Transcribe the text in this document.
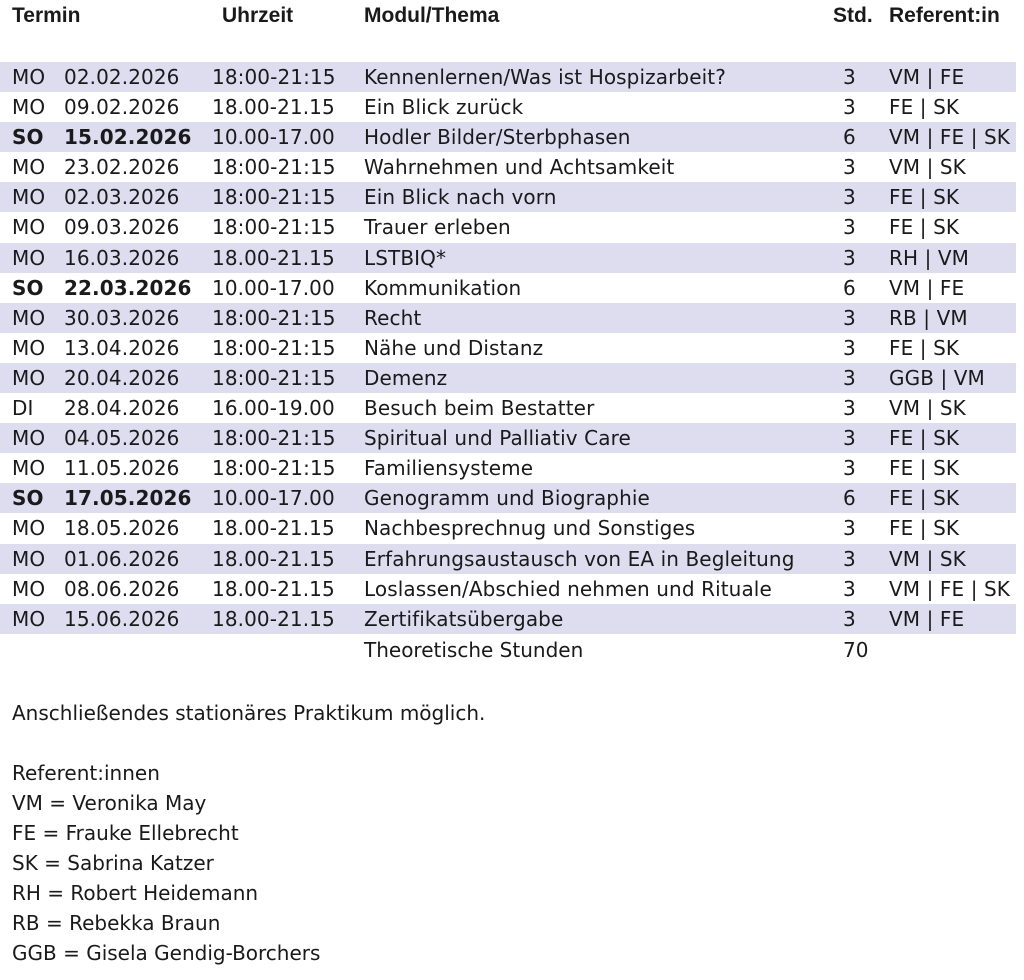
Termin	Uhrzeit	Modul/Thema	Std. Referent:in
MO 02.02.2026 18:00-21:15 Kennenlernen/Was ist Hospizarbeit?	3 VM | FE
MO 09.02.2026 18.00-21.15 Ein Blick zurück	3 FE | SK
SO 15.02.2026 10.00-17.00 Hodler Bilder/Sterbphasen	6 VM | FE | SK
MO 23.02.2026 18:00-21:15 Wahrnehmen und Achtsamkeit	3 VM | SK
MO 02.03.2026 18:00-21:15 Ein Blick nach vorn	3 FE | SK
MO 09.03.2026 18:00-21:15 Trauer erleben	3 FE | SK
MO 16.03.2026 18.00-21.15 LSTBIQ*	3 RH | VM
SO 22.03.2026 10.00-17.00 Kommunikation	6 VM | FE
MO 30.03.2026 18:00-21:15 Recht	3 RB | VM
MO 13.04.2026 18:00-21:15 Nähe und Distanz	3 FE | SK
MO 20.04.2026 18:00-21:15 Demenz	3 GGB | VM
DI 28.04.2026 16.00-19.00 Besuch beim Bestatter	3 VM | SK
MO 04.05.2026 18:00-21:15 Spiritual und Palliativ Care	3 FE | SK
MO 11.05.2026 18:00-21:15 Familiensysteme	3 FE | SK
SO 17.05.2026 10.00-17.00 Genogramm und Biographie	6 FE | SK
MO 18.05.2026 18.00-21.15 Nachbesprechnug und Sonstiges	3 FE | SK
MO 01.06.2026 18.00-21.15 Erfahrungsaustausch von EA in Begleitung 3 VM | SK
MO 08.06.2026 18.00-21.15 Loslassen/Abschied nehmen und Rituale	3 VM | FE | SK
MO 15.06.2026 18.00-21.15 Zertifikatsübergabe	3 VM | FE
Theoretische Stunden	70
Anschließendes stationäres Praktikum möglich.
Referent:innen
VM = Veronika May
FE = Frauke Ellebrecht
SK = Sabrina Katzer
RH = Robert Heidemann
RB = Rebekka Braun
GGB = Gisela Gendig-Borchers
